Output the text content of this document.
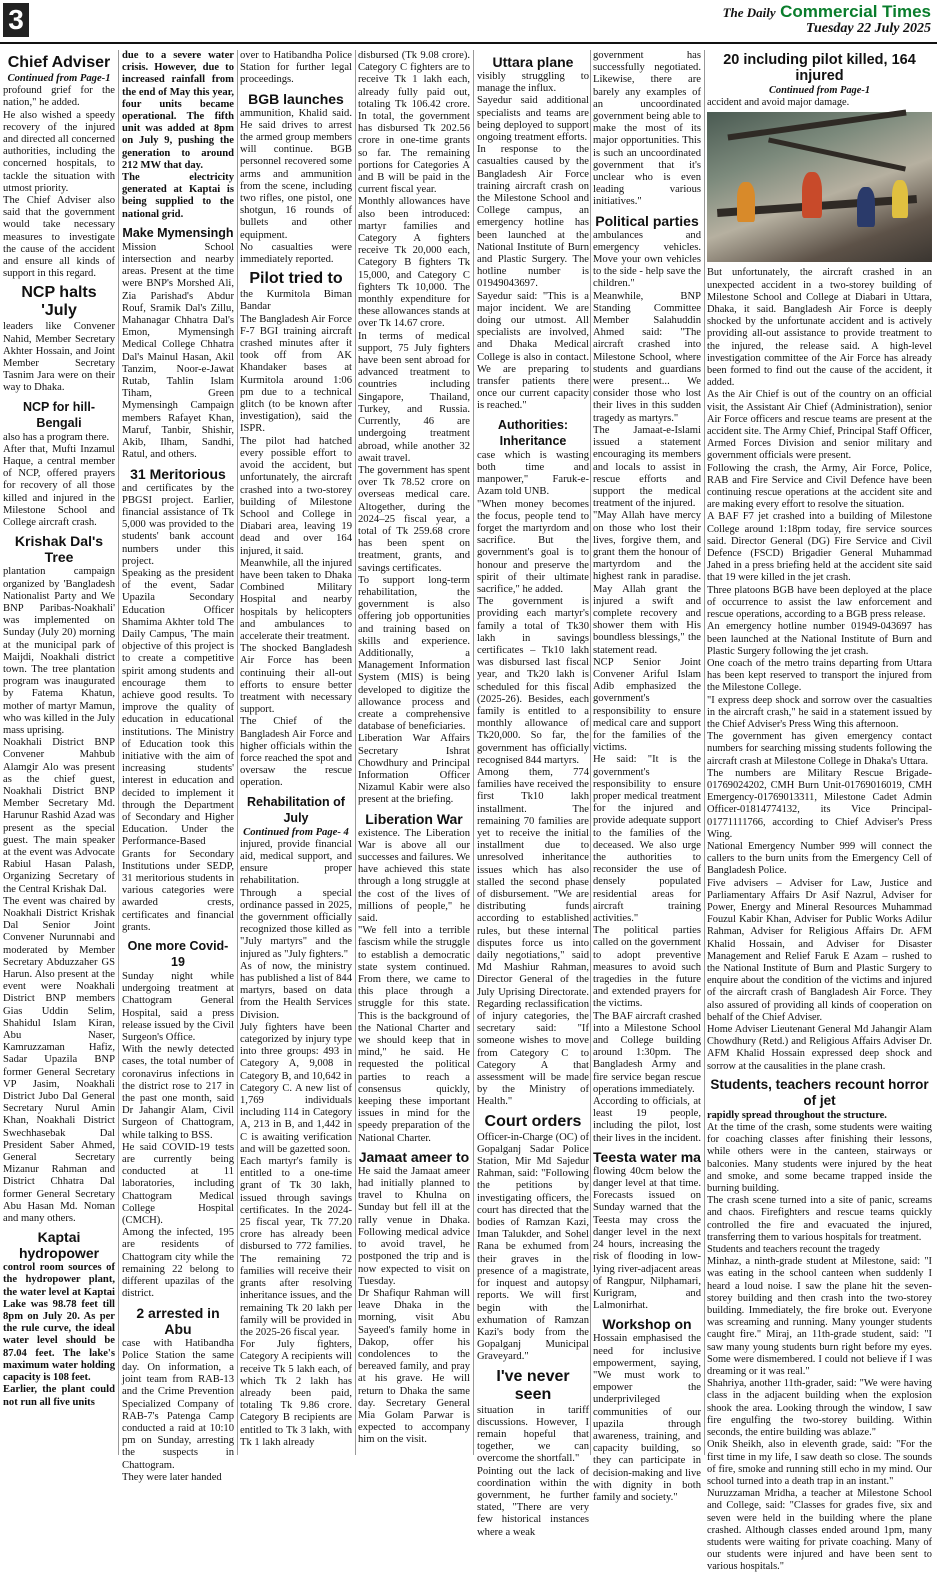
3	The Daily Commercial Times
Tuesday 22 July 2025
Chief Adviser

Continued from Page-1

profound grief for the nation," he added.

He also wished a speedy recovery of the injured and directed all concerned authorities, including the concerned hospitals, to tackle the situation with utmost priority.

The Chief Adviser also said that the government would take necessary measures to investigate the cause of the accident and ensure all kinds of support in this regard.

NCP halts 'July

leaders like Convener Nahid, Member Secretary Akhter Hossain, and Joint Member Secretary Tasnim Jara were on their way to Dhaka.

NCP for hill-Bengali

also has a program there.

After that, Mufti Inzamul Haque, a central member of NCP, offered prayers for recovery of all those killed and injured in the Milestone School and College aircraft crash.

Krishak Dal's Tree

plantation campaign organized by 'Bangladesh Nationalist Party and We BNP Paribas-Noakhali' was implemented on Sunday (July 20) morning at the municipal park of Maijdi, Noakhali district town. The tree plantation program was inaugurated by Fatema Khatun, mother of martyr Mamun, who was killed in the July mass uprising.

Noakhali District BNP Convener Mahbub Alamgir Alo was present as the chief guest, Noakhali District BNP Member Secretary Md. Harunur Rashid Azad was present as the special guest. The main speaker at the event was Advocate Rabiul Hasan Palash, Organizing Secretary of the Central Krishak Dal.

The event was chaired by Noakhali District Krishak Dal Senior Joint Convener Nurunnabi and moderated by Member Secretary Abduzzaher GS Harun. Also present at the event were Noakhali District BNP members Gias Uddin Selim, Shahidul Islam Kiran, Abu Naser, Kamruzzaman Hafiz, Sadar Upazila BNP former General Secretary VP Jasim, Noakhali District Jubo Dal General Secretary Nurul Amin Khan, Noakhali District Swechhasebak Dal President Saber Ahmed, General Secretary Mizanur Rahman and District Chhatra Dal former General Secretary Abu Hasan Md. Noman and many others.

Kaptai hydropower

control room sources of the hydropower plant, the water level at Kaptai Lake was 98.78 feet till 8pm on July 20. As per the rule curve, the ideal water level should be 87.04 feet. The lake's maximum water holding capacity is 108 feet.

Earlier, the plant could not run all five units

due to a severe water crisis. However, due to increased rainfall from the end of May this year, four units became operational. The fifth unit was added at 8pm on July 9, pushing the generation to around 212 MW that day.

The electricity generated at Kaptai is being supplied to the national grid.

Make Mymensingh

Mission School intersection and nearby areas. Present at the time were BNP's Morshed Ali, Zia Parishad's Abdur Rouf, Sramik Dal's Zillu, Mahanagar Chhatra Dal's Emon, Mymensingh Medical College Chhatra Dal's Mainul Hasan, Akil Tanzim, Noor-e-Jawat Rutab, Tahlin Islam Tiham, Green Mymensingh Campaign members Rafayet Khan, Maruf, Tanbir, Shishir, Akib, Ilham, Sandhi, Ratul, and others.

31 Meritorious

and certificates by the PBGSI project. Earlier, financial assistance of Tk 5,000 was provided to the students' bank account numbers under this project.

Speaking as the president of the event, Sadar Upazila Secondary Education Officer Shamima Akhter told The Daily Campus, 'The main objective of this project is to create a competitive spirit among students and encourage them to achieve good results. To improve the quality of education in educational institutions. The Ministry of Education took this initiative with the aim of increasing students' interest in education and decided to implement it through the Department of Secondary and Higher Education. Under the Performance-Based Grants for Secondary Institutions under SEDP, 31 meritorious students in various categories were awarded crests, certificates and financial grants.

One more Covid-19

Sunday night while undergoing treatment at Chattogram General Hospital, said a press release issued by the Civil Surgeon's Office.

With the newly detected cases, the total number of coronavirus infections in the district rose to 217 in the past one month, said Dr Jahangir Alam, Civil Surgeon of Chattogram, while talking to BSS.

He said COVID-19 tests are currently being conducted at 11 laboratories, including Chattogram Medical College Hospital (CMCH).

Among the infected, 195 are residents of Chattogram city while the remaining 22 belong to different upazilas of the district.

2 arrested in Abu

case with Hatibandha Police Station the same day. On information, a joint team from RAB-13 and the Crime Prevention Specialized Company of RAB-7's Patenga Camp conducted a raid at 10:10 pm on Sunday, arresting the suspects in Chattogram.

They were later handed

over to Hatibandha Police Station for further legal proceedings.

BGB launches

ammunition, Khalid said. He said drives to arrest the armed group members will continue. BGB personnel recovered some arms and ammunition from the scene, including two rifles, one pistol, one shotgun, 16 rounds of bullets and other equipment.

No casualties were immediately reported.

Pilot tried to

the Kurmitola Biman Bandar

The Bangladesh Air Force F-7 BGI training aircraft crashed minutes after it took off from AK Khandaker bases at Kurmitola around 1:06 pm due to a technical glitch (to be known after investigation), said the ISPR.

The pilot had hatched every possible effort to avoid the accident, but unfortunately, the aircraft crashed into a two-storey building of Milestone School and College in Diabari area, leaving 19 dead and over 164 injured, it said.

Meanwhile, all the injured have been taken to Dhaka Combined Military Hospital and nearby hospitals by helicopters and ambulances to accelerate their treatment.

The shocked Bangladesh Air Force has been continuing their all-out efforts to ensure better treatment with necessary support.

The Chief of the Bangladesh Air Force and higher officials within the force reached the spot and oversaw the rescue operation.

Rehabilitation of July

Continued from Page- 4

injured, provide financial aid, medical support, and ensure proper rehabilitation.

Through a special ordinance passed in 2025, the government officially recognized those killed as "July martyrs" and the injured as "July fighters."

As of now, the ministry has published a list of 844 martyrs, based on data from the Health Services Division.

July fighters have been categorized by injury type into three groups: 493 in Category A, 9,008 in Category B, and 10,642 in Category C. A new list of 1,769 individuals including 114 in Category A, 213 in B, and 1,442 in C is awaiting verification and will be gazetted soon.

Each martyr's family is entitled to a one-time grant of Tk 30 lakh, issued through savings certificates. In the 2024-25 fiscal year, Tk 77.20 crore has already been disbursed to 772 families. The remaining 72 families will receive their grants after resolving inheritance issues, and the remaining Tk 20 lakh per family will be provided in the 2025-26 fiscal year.

For July fighters, Category A recipients will receive Tk 5 lakh each, of which Tk 2 lakh has already been paid, totaling Tk 9.86 crore. Category B recipients are entitled to Tk 3 lakh, with Tk 1 lakh already

disbursed (Tk 9.08 crore). Category C fighters are to receive Tk 1 lakh each, already fully paid out, totaling Tk 106.42 crore. In total, the government has disbursed Tk 202.56 crore in one-time grants so far. The remaining portions for Categories A and B will be paid in the current fiscal year.

Monthly allowances have also been introduced: martyr families and Category A fighters receive Tk 20,000 each, Category B fighters Tk 15,000, and Category C fighters Tk 10,000. The monthly expenditure for these allowances stands at over Tk 14.67 crore.

In terms of medical support, 75 July fighters have been sent abroad for advanced treatment to countries including Singapore, Thailand, Turkey, and Russia. Currently, 46 are undergoing treatment abroad, while another 32 await travel.

The government has spent over Tk 78.52 crore on overseas medical care. Altogether, during the 2024–25 fiscal year, a total of Tk 259.68 crore has been spent on treatment, grants, and savings certificates.

To support long-term rehabilitation, the government is also offering job opportunities and training based on skills and experience. Additionally, a Management Information System (MIS) is being developed to digitize the allowance process and create a comprehensive database of beneficiaries.

Liberation War Affairs Secretary Ishrat Chowdhury and Principal Information Officer Nizamul Kabir were also present at the briefing.

Liberation War

existence. The Liberation War is above all our successes and failures. We have achieved this state through a long struggle at the cost of the lives of millions of people," he said.

"We fell into a terrible fascism while the struggle to establish a democratic state system continued. From there, we came to this place through a struggle for this state. This is the background of the National Charter and we should keep that in mind," he said. He requested the political parties to reach a consensus quickly, keeping these important issues in mind for the speedy preparation of the National Charter.

Jamaat ameer to

He said the Jamaat ameer had initially planned to travel to Khulna on Sunday but fell ill at the rally venue in Dhaka. Following medical advice to avoid travel, he postponed the trip and is now expected to visit on Tuesday.

Dr Shafiqur Rahman will leave Dhaka in the morning, visit Abu Sayeed's family home in Dakop, offer his condolences to the bereaved family, and pray at his grave. He will return to Dhaka the same day. Secretary General Mia Golam Parwar is expected to accompany him on the visit.

Uttara plane

visibly struggling to manage the influx.

Sayedur said additional specialists and teams are being deployed to support ongoing treatment efforts.

In response to the casualties caused by the Bangladesh Air Force training aircraft crash on the Milestone School and College campus, an emergency hotline has been launched at the National Institute of Burn and Plastic Surgery. The hotline number is 01949043697.

Sayedur said: "This is a major incident. We are doing our utmost. All specialists are involved, and Dhaka Medical College is also in contact. We are preparing to transfer patients there once our current capacity is reached."

Authorities: Inheritance

case which is wasting both time and manpower," Faruk-e-Azam told UNB.

"When money becomes the focus, people tend to forget the martyrdom and sacrifice. But the government's goal is to honour and preserve the spirit of their ultimate sacrifice," he added.

The government is providing each martyr's family a total of Tk30 lakh in savings certificates – Tk10 lakh was disbursed last fiscal year, and Tk20 lakh is scheduled for this fiscal (2025-26). Besides, each family is entitled to a monthly allowance of Tk20,000. So far, the government has officially recognised 844 martyrs.

Among them, 774 families have received the first Tk10 lakh installment. The remaining 70 families are yet to receive the initial installment due to unresolved inheritance issues which has also stalled the second phase of disbursement. "We are distributing funds according to established rules, but these internal disputes force us into daily negotiations," said Md Mashiur Rahman, Director General of the July Uprising Directorate. Regarding reclassification of injury categories, the secretary said: "If someone wishes to move from Category C to Category A that assessment will be made by the Ministry of Health."

Court orders

Officer-in-Charge (OC) of Gopalganj Sadar Police Station, Mir Md Sajedur Rahman, said: "Following the petitions by investigating officers, the court has directed that the bodies of Ramzan Kazi, Iman Talukder, and Sohel Rana be exhumed from their graves in the presence of a magistrate, for inquest and autopsy reports. We will first begin with the exhumation of Ramzan Kazi's body from the Gopalganj Municipal Graveyard."

I've never seen

situation in tariff discussions. However, I remain hopeful that together, we can overcome the shortfall."

Pointing out the lack of coordination within the government, he further stated, "There are very few historical instances where a weak

government has successfully negotiated. Likewise, there are barely any examples of an uncoordinated government being able to make the most of its major opportunities. This is such an uncoordinated government that it's unclear who is even leading various initiatives."

Political parties

ambulances and emergency vehicles. Move your own vehicles to the side - help save the children."

Meanwhile, BNP Standing Committee Member Salahuddin Ahmed said: "The aircraft crashed into Milestone School, where students and guardians were present... We consider those who lost their lives in this sudden tragedy as martyrs."

The Jamaat-e-Islami issued a statement encouraging its members and locals to assist in rescue efforts and support the medical treatment of the injured.

"May Allah have mercy on those who lost their lives, forgive them, and grant them the honour of martyrdom and the highest rank in paradise. May Allah grant the injured a swift and complete recovery and shower them with His boundless blessings," the statement read.

NCP Senior Joint Convener Ariful Islam Adib emphasized the government's responsibility to ensure medical care and support for the families of the victims.

He said: "It is the government's responsibility to ensure proper medical treatment for the injured and provide adequate support to the families of the deceased. We also urge the authorities to reconsider the use of densely populated residential areas for aircraft training activities."

The political parties called on the government to adopt preventive measures to avoid such tragedies in the future and extended prayers for the victims.

The BAF aircraft crashed into a Milestone School and College building around 1:30pm. The Bangladesh Army and fire service began rescue operations immediately.

According to officials, at least 19 people, including the pilot, lost their lives in the incident.

Teesta water ma

flowing 40cm below the danger level at that time. Forecasts issued on Sunday warned that the Teesta may cross the danger level in the next 24 hours, increasing the risk of flooding in low-lying river-adjacent areas of Rangpur, Nilphamari, Kurigram, and Lalmonirhat.

Workshop on

Hossain emphasised the need for inclusive empowerment, saying, "We must work to empower the underprivileged communities of our upazila through awareness, training, and capacity building, so they can participate in decision-making and live with dignity in both family and society."

20 including pilot killed, 164 injured

Continued from Page-1

accident and avoid major damage.

But unfortunately, the aircraft crashed in an unexpected accident in a two-storey building of Milestone School and College at Diabari in Uttara, Dhaka, it said. Bangladesh Air Force is deeply shocked by the unfortunate accident and is actively providing all-out assistance to provide treatment to the injured, the release said. A high-level investigation committee of the Air Force has already been formed to find out the cause of the accident, it added.

As the Air Chief is out of the country on an official visit, the Assistant Air Chief (Administration), senior Air Force officers and rescue teams are present at the accident site. The Army Chief, Principal Staff Officer, Armed Forces Division and senior military and government officials were present.

Following the crash, the Army, Air Force, Police, RAB and Fire Service and Civil Defence have been continuing rescue operations at the accident site and are making every effort to resolve the situation.

A BAF F7 jet crashed into a building of Milestone College around 1:18pm today, fire service sources said. Director General (DG) Fire Service and Civil Defence (FSCD) Brigadier General Muhammad Jahed in a press briefing held at the accident site said that 19 were killed in the jet crash.

Three platoons BGB have been deployed at the place of occurrence to assist the law enforcement and rescue operations, according to a BGB press release.

An emergency hotline number 01949-043697 has been launched at the National Institute of Burn and Plastic Surgery following the jet crash.

One coach of the metro trains departing from Uttara has been kept reserved to transport the injured from the Milestone College.

"I express deep shock and sorrow over the casualties in the aircraft crash," he said in a statement issued by the Chief Adviser's Press Wing this afternoon.

The government has given emergency contact numbers for searching missing students following the aircraft crash at Milestone College in Dhaka's Uttara.

The numbers are Military Rescue Brigade-01769024202, CMH Burn Unit-01769016019, CMH Emergency-01769013311, Milestone Cadet Admin Officer-01814774132, its Vice Principal-01771111766, according to Chief Adviser's Press Wing.

National Emergency Number 999 will connect the callers to the burn units from the Emergency Cell of Bangladesh Police.

Five advisers – Adviser for Law, Justice and Parliamentary Affairs Dr Asif Nazrul, Adviser for Power, Energy and Mineral Resources Muhammad Fouzul Kabir Khan, Adviser for Public Works Adilur Rahman, Adviser for Religious Affairs Dr. AFM Khalid Hossain, and Adviser for Disaster Management and Relief Faruk E Azam – rushed to the National Institute of Burn and Plastic Surgery to enquire about the condition of the victims and injured of the aircraft crash of Bangladesh Air Force. They also assured of providing all kinds of cooperation on behalf of the Chief Adviser.

Home Adviser Lieutenant General Md Jahangir Alam Chowdhury (Retd.) and Religious Affairs Adviser Dr. AFM Khalid Hossain expressed deep shock and sorrow at the causalities in the plane crash.

Students, teachers recount horror of jet

rapidly spread throughout the structure.

At the time of the crash, some students were waiting for coaching classes after finishing their lessons, while others were in the canteen, stairways or balconies. Many students were injured by the heat and smoke, and some became trapped inside the burning building.

The crash scene turned into a site of panic, screams and chaos. Firefighters and rescue teams quickly controlled the fire and evacuated the injured, transferring them to various hospitals for treatment.

Students and teachers recount the tragedy

Minhaz, a ninth-grade student at Milestone, said: "I was eating in the school canteen when suddenly I heard a loud noise. I saw the plane hit the seven-storey building and then crash into the two-storey building. Immediately, the fire broke out. Everyone was screaming and running. Many younger students caught fire." Miraj, an 11th-grade student, said: "I saw many young students burn right before my eyes. Some were dismembered. I could not believe if I was dreaming or it was real."

Shahriya, another 11th-grader, said: "We were having class in the adjacent building when the explosion shook the area. Looking through the window, I saw fire engulfing the two-storey building. Within seconds, the entire building was ablaze."

Onik Sheikh, also in eleventh grade, said: "For the first time in my life, I saw death so close. The sounds of fire, smoke and running still echo in my mind. Our school turned into a death trap in an instant."

Nuruzzaman Mridha, a teacher at Milestone School and College, said: "Classes for grades five, six and seven were held in the building where the plane crashed. Although classes ended around 1pm, many students were waiting for private coaching. Many of our students were injured and have been sent to various hospitals."
